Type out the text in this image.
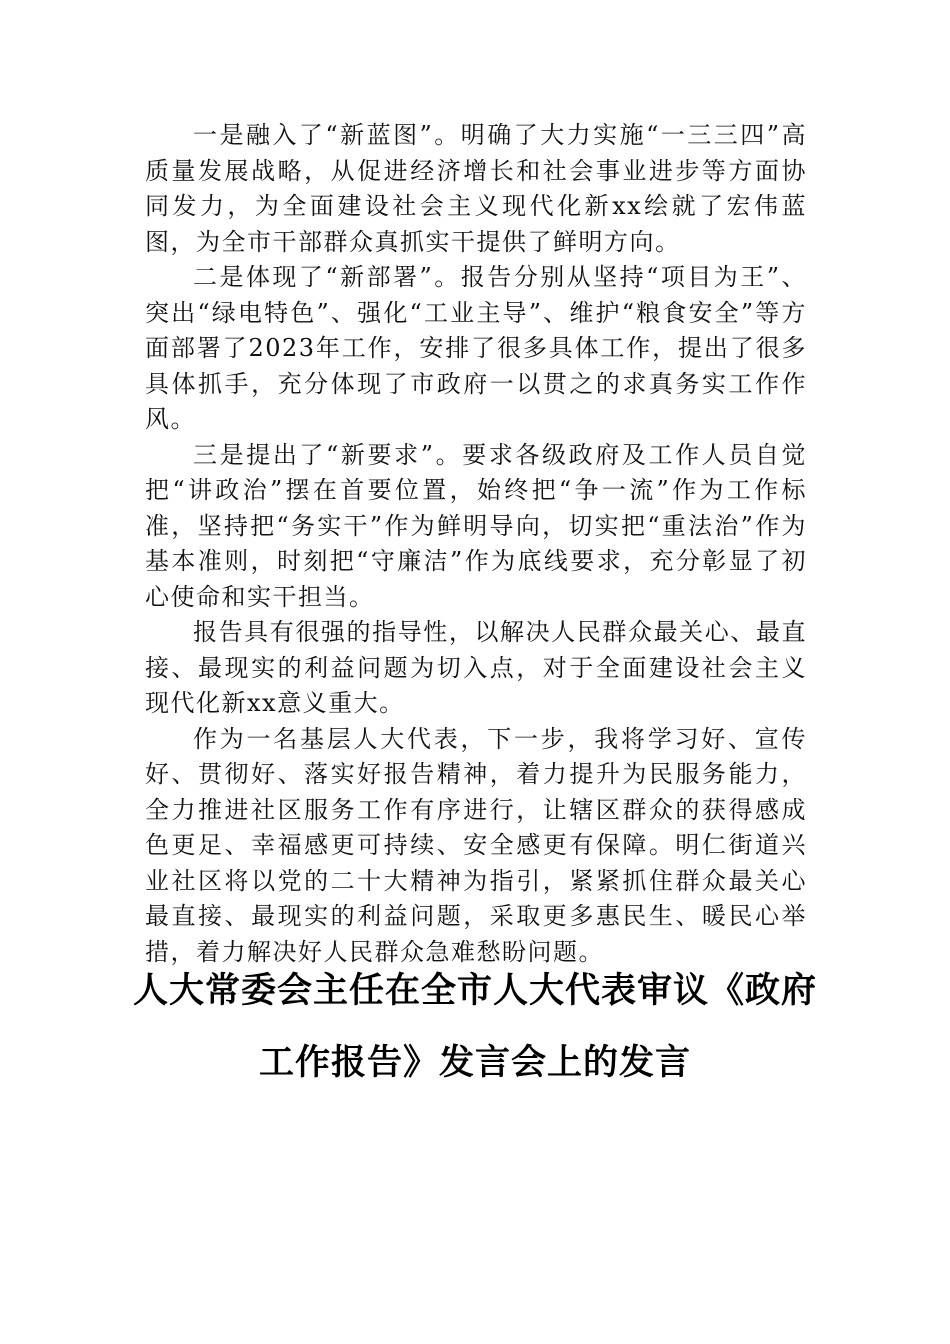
一是融入了“新蓝图”。明确了大力实施“一三三四”高质量发展战略，从促进经济增长和社会事业进步等方面协同发力，为全面建设社会主义现代化新xx绘就了宏伟蓝图，为全市干部群众真抓实干提供了鲜明方向。

二是体现了“新部署”。报告分别从坚持“项目为王”、突出“绿电特色”、强化“工业主导”、维护“粮食安全”等方面部署了2023年工作，安排了很多具体工作，提出了很多具体抓手，充分体现了市政府一以贯之的求真务实工作作风。

三是提出了“新要求”。要求各级政府及工作人员自觉把“讲政治”摆在首要位置，始终把“争一流”作为工作标准，坚持把“务实干”作为鲜明导向，切实把“重法治”作为基本准则，时刻把“守廉洁”作为底线要求，充分彰显了初心使命和实干担当。

报告具有很强的指导性，以解决人民群众最关心、最直接、最现实的利益问题为切入点，对于全面建设社会主义现代化新xx意义重大。

作为一名基层人大代表，下一步，我将学习好、宣传好、贯彻好、落实好报告精神，着力提升为民服务能力，全力推进社区服务工作有序进行，让辖区群众的获得感成色更足、幸福感更可持续、安全感更有保障。明仁街道兴业社区将以党的二十大精神为指引，紧紧抓住群众最关心最直接、最现实的利益问题，采取更多惠民生、暖民心举措，着力解决好人民群众急难愁盼问题。

人大常委会主任在全市人大代表审议《政府工作报告》发言会上的发言
